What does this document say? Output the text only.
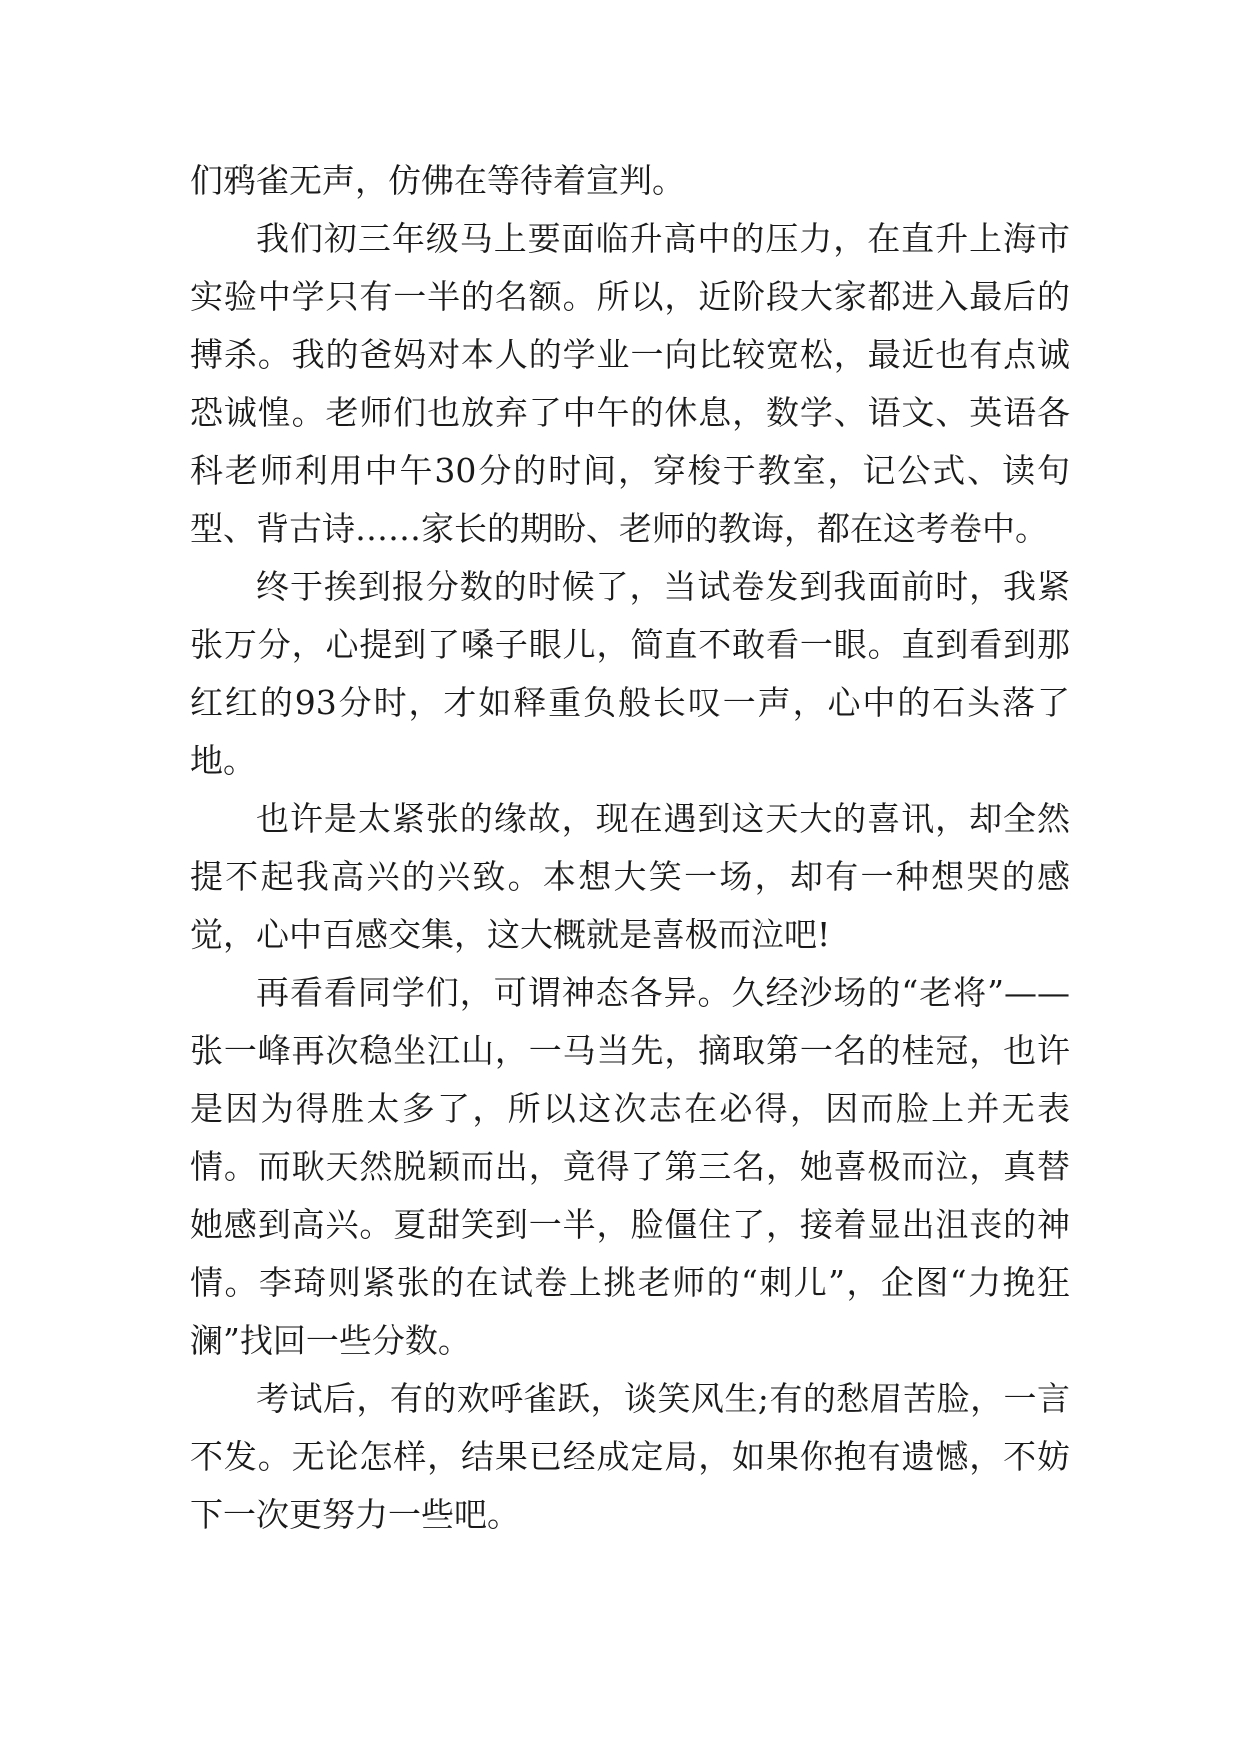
们鸦雀无声，仿佛在等待着宣判。

我们初三年级马上要面临升高中的压力，在直升上海市实验中学只有一半的名额。所以，近阶段大家都进入最后的搏杀。我的爸妈对本人的学业一向比较宽松，最近也有点诚恐诚惶。老师们也放弃了中午的休息，数学、语文、英语各科老师利用中午30分的时间，穿梭于教室，记公式、读句型、背古诗……家长的期盼、老师的教诲，都在这考卷中。

终于挨到报分数的时候了，当试卷发到我面前时，我紧张万分，心提到了嗓子眼儿，简直不敢看一眼。直到看到那红红的93分时，才如释重负般长叹一声，心中的石头落了地。

也许是太紧张的缘故，现在遇到这天大的喜讯，却全然提不起我高兴的兴致。本想大笑一场，却有一种想哭的感觉，心中百感交集，这大概就是喜极而泣吧!

再看看同学们，可谓神态各异。久经沙场的“老将”——张一峰再次稳坐江山，一马当先，摘取第一名的桂冠，也许是因为得胜太多了，所以这次志在必得，因而脸上并无表情。而耿天然脱颖而出，竟得了第三名，她喜极而泣，真替她感到高兴。夏甜笑到一半，脸僵住了，接着显出沮丧的神情。李琦则紧张的在试卷上挑老师的“刺儿”，企图“力挽狂澜”找回一些分数。

考试后，有的欢呼雀跃，谈笑风生;有的愁眉苦脸，一言不发。无论怎样，结果已经成定局，如果你抱有遗憾，不妨下一次更努力一些吧。
